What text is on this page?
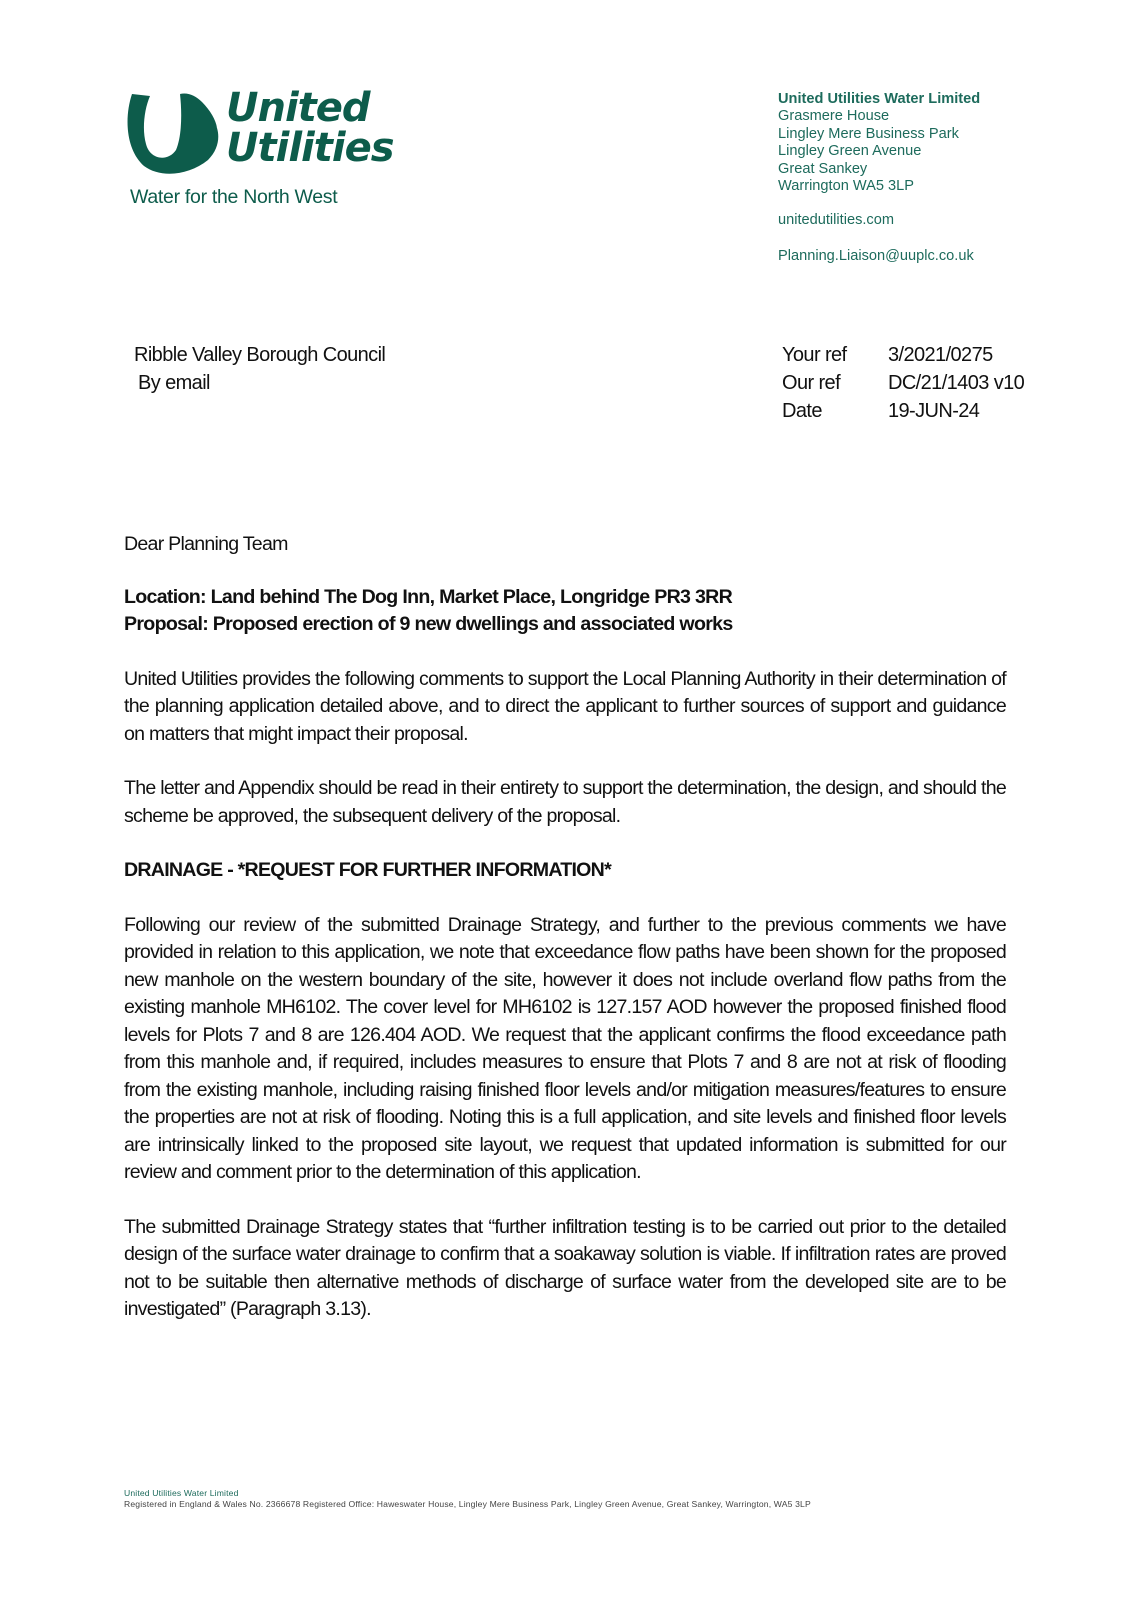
United
Utilities
Water for the North West
United Utilities Water Limited
Grasmere House
Lingley Mere Business Park
Lingley Green Avenue
Great Sankey
Warrington WA5 3LP
unitedutilities.com
Planning.Liaison@uuplc.co.uk
Ribble Valley Borough Council
By email
Your ref	3/2021/0275
Our ref	DC/21/1403 v10
Date	19-JUN-24

Dear Planning Team

Location: Land behind The Dog Inn, Market Place, Longridge PR3 3RR

Proposal: Proposed erection of 9 new dwellings and associated works

United Utilities provides the following comments to support the Local Planning Authority in their determination of the planning application detailed above, and to direct the applicant to further sources of support and guidance on matters that might impact their proposal.

The letter and Appendix should be read in their entirety to support the determination, the design, and should the scheme be approved, the subsequent delivery of the proposal.

DRAINAGE - *REQUEST FOR FURTHER INFORMATION*

Following our review of the submitted Drainage Strategy, and further to the previous comments we have provided in relation to this application, we note that exceedance flow paths have been shown for the proposed new manhole on the western boundary of the site, however it does not include overland flow paths from the existing manhole MH6102. The cover level for MH6102 is 127.157 AOD however the proposed finished flood levels for Plots 7 and 8 are 126.404 AOD. We request that the applicant confirms the flood exceedance path from this manhole and, if required, includes measures to ensure that Plots 7 and 8 are not at risk of flooding from the existing manhole, including raising finished floor levels and/or mitigation measures/features to ensure the properties are not at risk of flooding. Noting this is a full application, and site levels and finished floor levels are intrinsically linked to the proposed site layout, we request that updated information is submitted for our review and comment prior to the determination of this application.

The submitted Drainage Strategy states that “further infiltration testing is to be carried out prior to the detailed design of the surface water drainage to confirm that a soakaway solution is viable. If infiltration rates are proved not to be suitable then alternative methods of discharge of surface water from the developed site are to be investigated” (Paragraph 3.13).

United Utilities Water Limited
Registered in England & Wales No. 2366678 Registered Office: Haweswater House, Lingley Mere Business Park, Lingley Green Avenue, Great Sankey, Warrington, WA5 3LP
